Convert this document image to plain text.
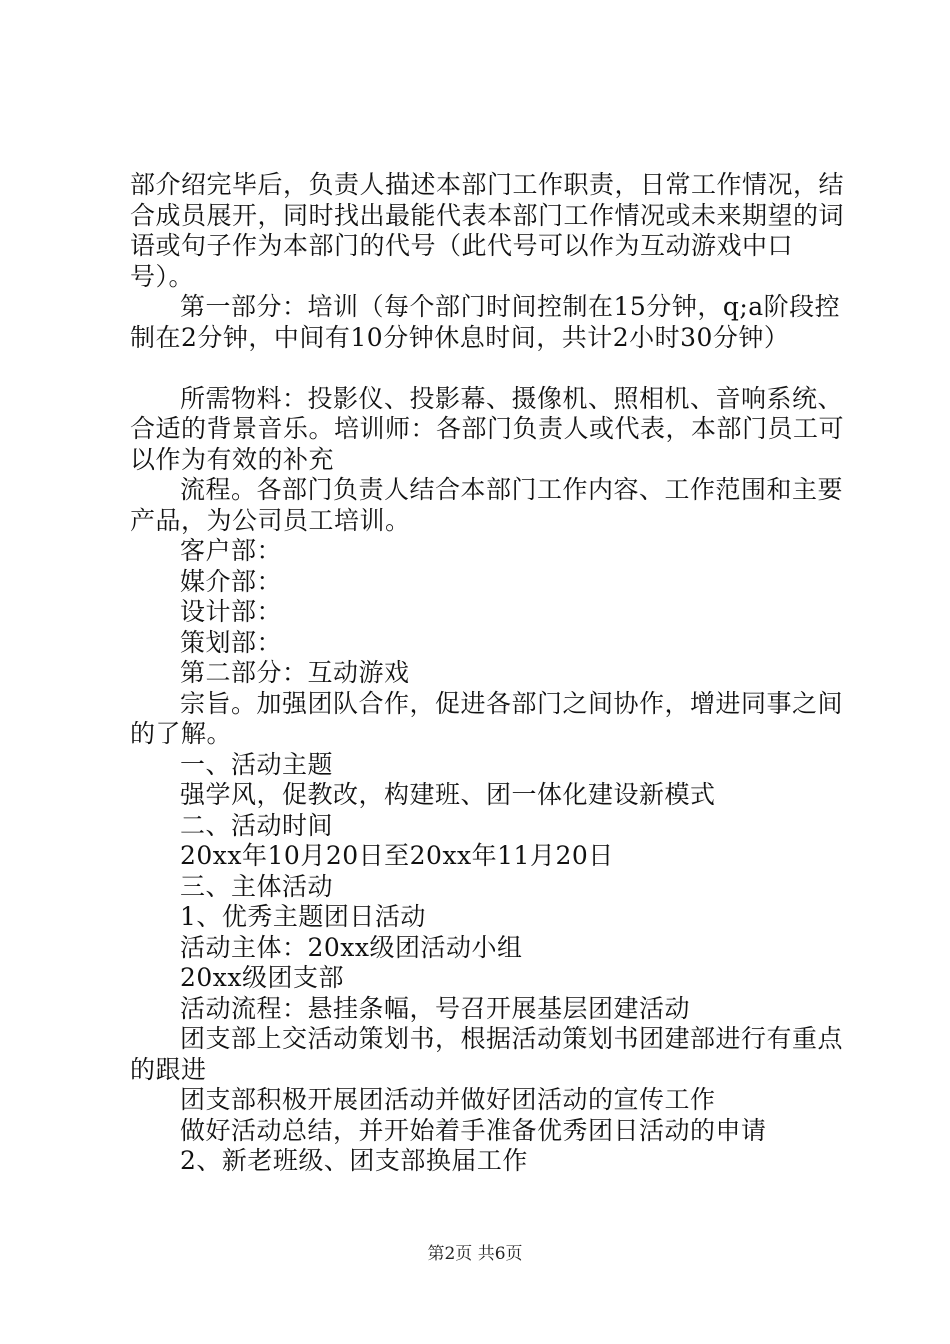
部介绍完毕后，负责人描述本部门工作职责，日常工作情况，结合成员展开，同时找出最能代表本部门工作情况或未来期望的词语或句子作为本部门的代号（此代号可以作为互动游戏中口号）。

第一部分：培训（每个部门时间控制在15分钟，q;a阶段控制在2分钟，中间有10分钟休息时间，共计2小时30分钟）

所需物料：投影仪、投影幕、摄像机、照相机、音响系统、合适的背景音乐。培训师：各部门负责人或代表，本部门员工可以作为有效的补充

流程。各部门负责人结合本部门工作内容、工作范围和主要产品，为公司员工培训。

客户部：

媒介部：

设计部：

策划部：

第二部分：互动游戏

宗旨。加强团队合作，促进各部门之间协作，增进同事之间的了解。

一、活动主题

强学风，促教改，构建班、团一体化建设新模式

二、活动时间

20xx年10月20日至20xx年11月20日

三、主体活动

1、优秀主题团日活动

活动主体：20xx级团活动小组

20xx级团支部

活动流程：悬挂条幅，号召开展基层团建活动

团支部上交活动策划书，根据活动策划书团建部进行有重点的跟进

团支部积极开展团活动并做好团活动的宣传工作

做好活动总结，并开始着手准备优秀团日活动的申请

2、新老班级、团支部换届工作

第2页 共6页
